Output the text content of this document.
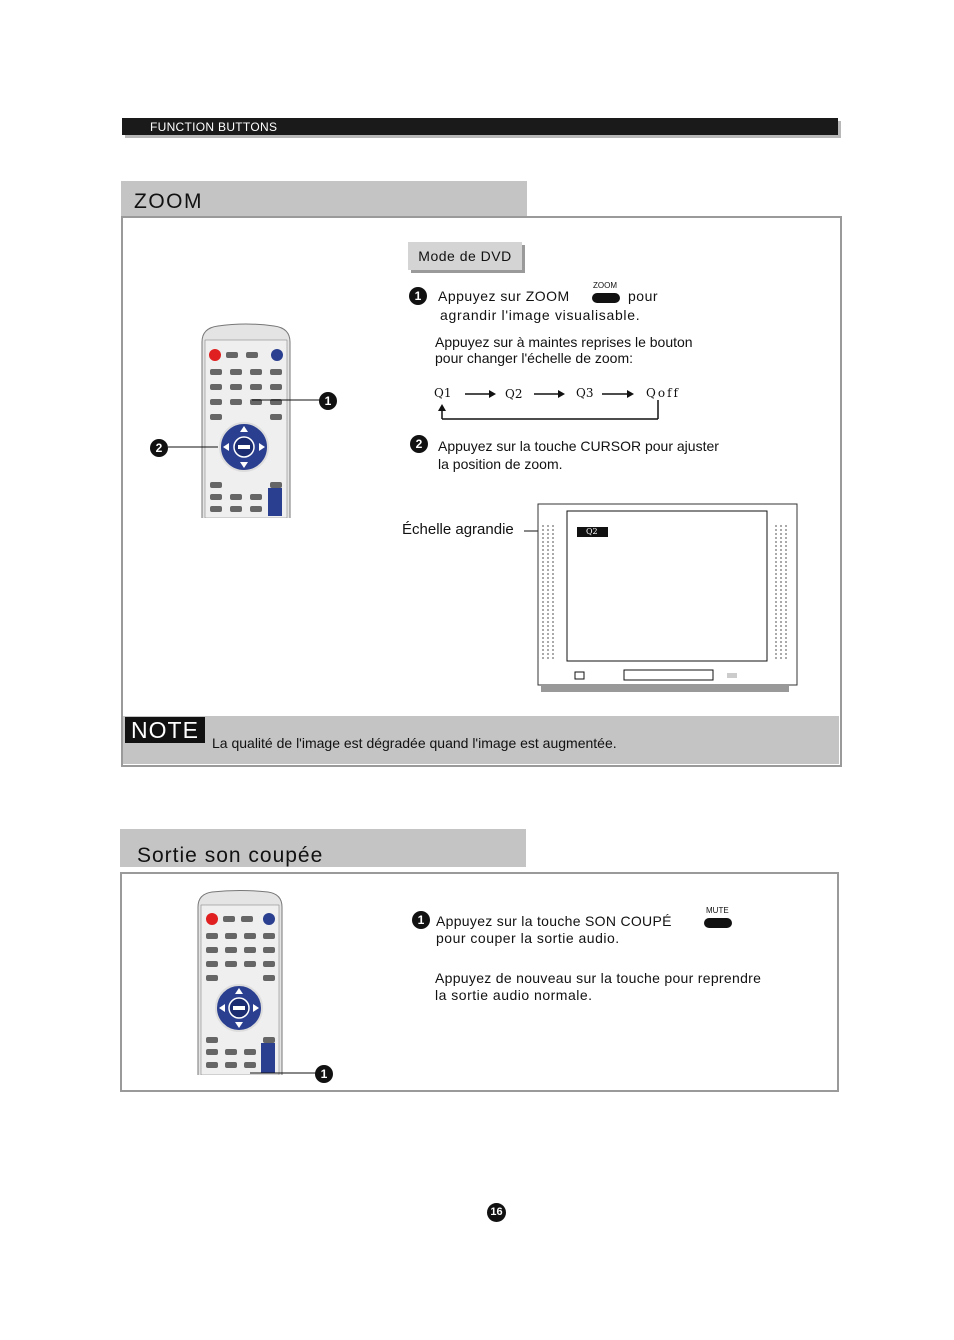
FUNCTION BUTTONS
ZOOM
1
2
Mode de DVD
1	Appuyez sur ZOOM
ZOOM
pour
agrandir l'image visualisable.
Appuyez sur à maintes reprises le bouton
pour changer l'échelle de zoom:
Q1	Q2	Q3	Qoff
2	Appuyez sur la touche CURSOR pour ajuster
la position de zoom.
Échelle agrandie	Q2
NOTE La qualité de l'image est dégradée quand l'image est augmentée.
Sortie son coupée
1
1 Appuyez sur la touche SON COUPÉ
MUTE
pour couper la sortie audio.
Appuyez de nouveau sur la touche pour reprendre
la sortie audio normale.
16
